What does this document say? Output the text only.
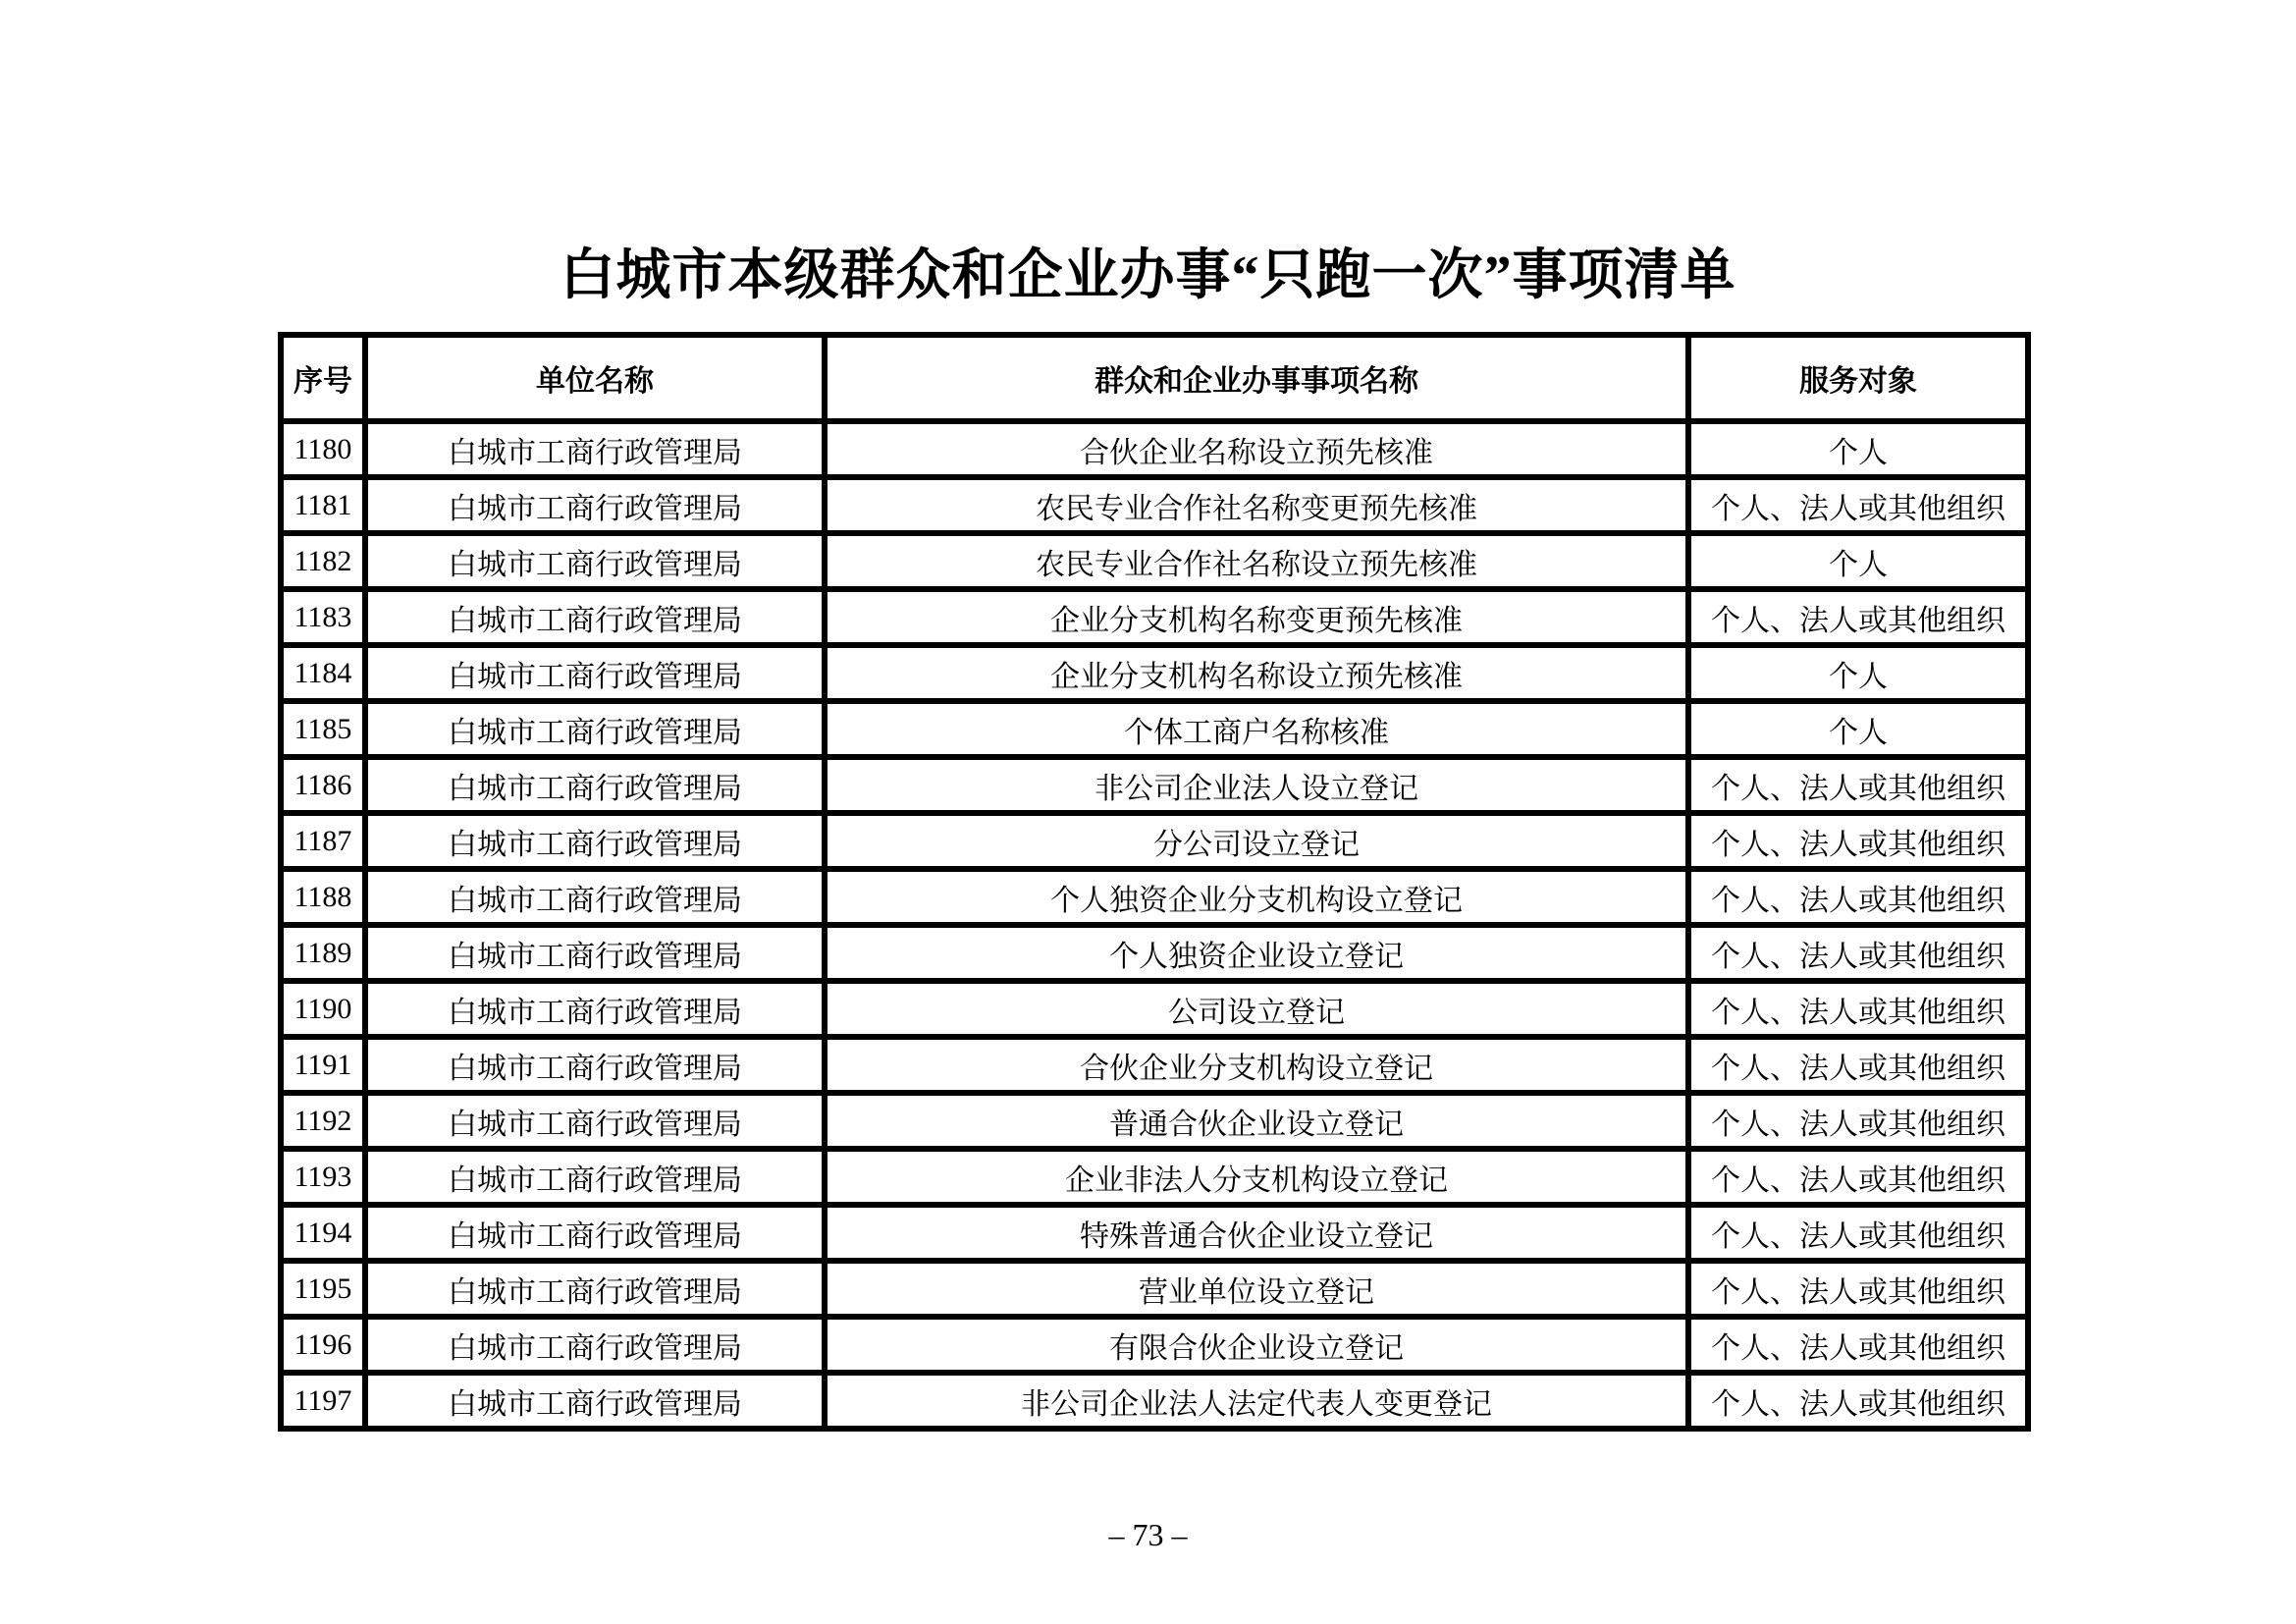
白城市本级群众和企业办事“只跑一次”事项清单
序号	单位名称	群众和企业办事事项名称	服务对象
1180	白城市工商行政管理局	合伙企业名称设立预先核准	个人
1181	白城市工商行政管理局	农民专业合作社名称变更预先核准	个人、法人或其他组织
1182	白城市工商行政管理局	农民专业合作社名称设立预先核准	个人
1183	白城市工商行政管理局	企业分支机构名称变更预先核准	个人、法人或其他组织
1184	白城市工商行政管理局	企业分支机构名称设立预先核准	个人
1185	白城市工商行政管理局	个体工商户名称核准	个人
1186	白城市工商行政管理局	非公司企业法人设立登记	个人、法人或其他组织
1187	白城市工商行政管理局	分公司设立登记	个人、法人或其他组织
1188	白城市工商行政管理局	个人独资企业分支机构设立登记	个人、法人或其他组织
1189	白城市工商行政管理局	个人独资企业设立登记	个人、法人或其他组织
1190	白城市工商行政管理局	公司设立登记	个人、法人或其他组织
1191	白城市工商行政管理局	合伙企业分支机构设立登记	个人、法人或其他组织
1192	白城市工商行政管理局	普通合伙企业设立登记	个人、法人或其他组织
1193	白城市工商行政管理局	企业非法人分支机构设立登记	个人、法人或其他组织
1194	白城市工商行政管理局	特殊普通合伙企业设立登记	个人、法人或其他组织
1195	白城市工商行政管理局	营业单位设立登记	个人、法人或其他组织
1196	白城市工商行政管理局	有限合伙企业设立登记	个人、法人或其他组织
1197	白城市工商行政管理局	非公司企业法人法定代表人变更登记	个人、法人或其他组织
– 73 –
